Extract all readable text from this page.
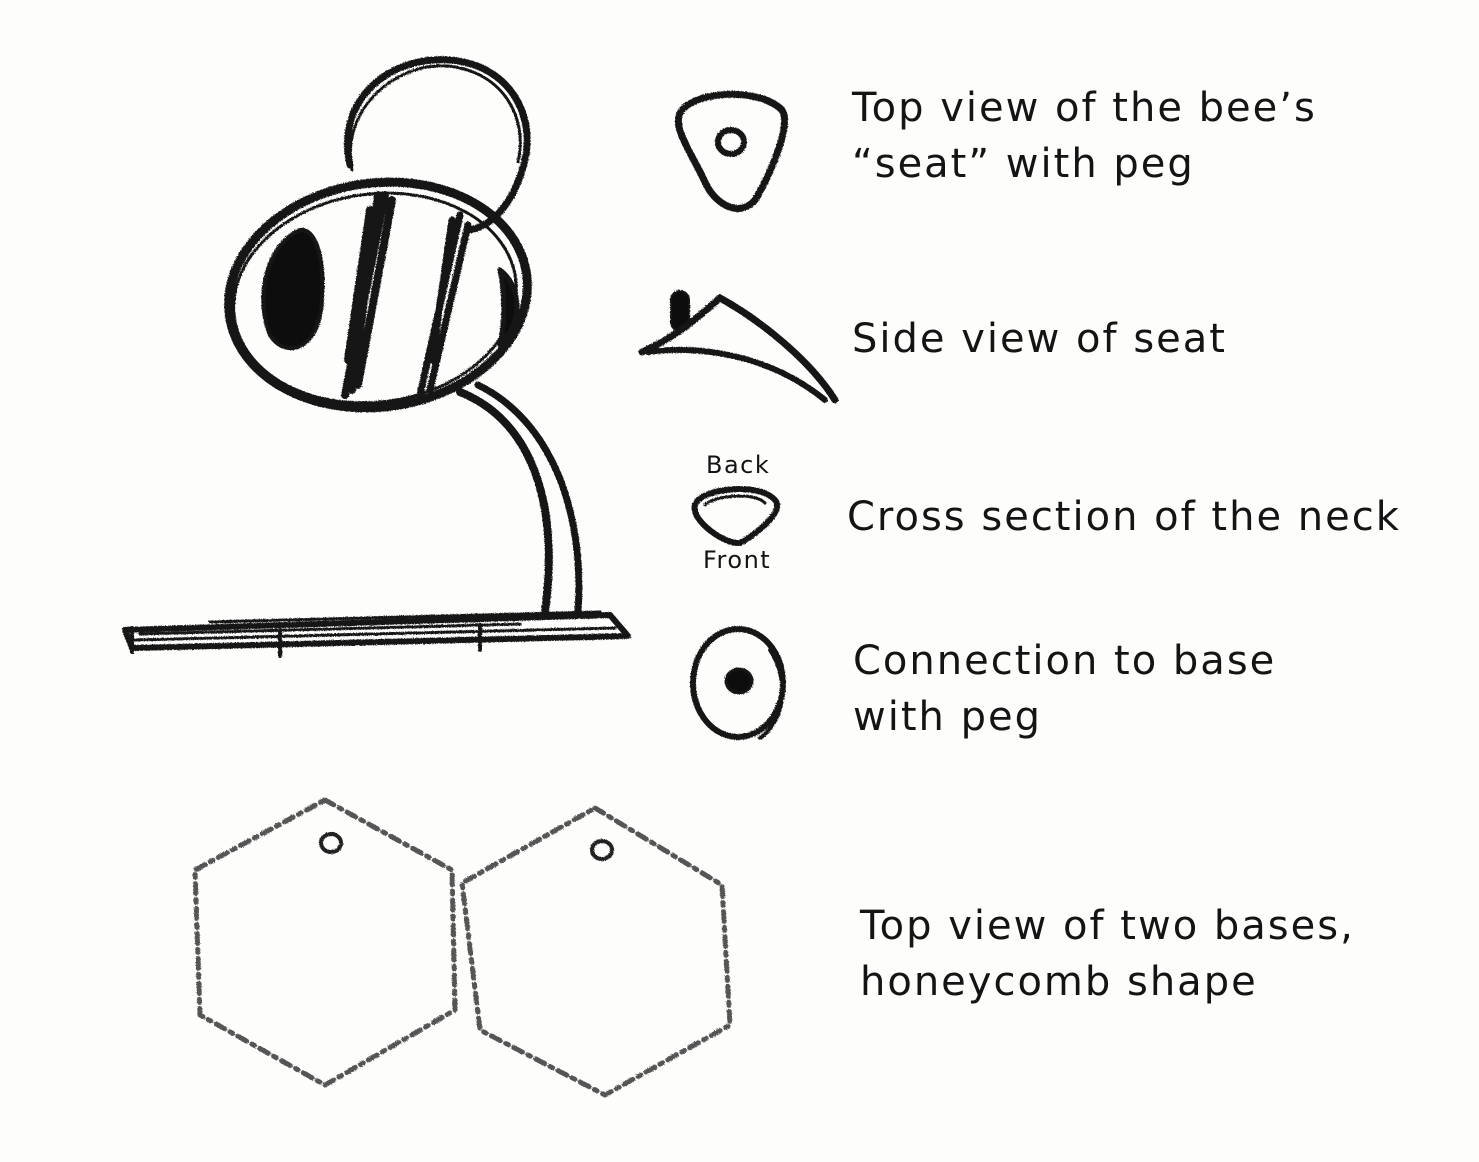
Top view of the bee’s
“seat” with peg
Side view of seat
Back
Front
Cross section of the neck
Connection to base
with peg
Top view of two bases,
honeycomb shape
